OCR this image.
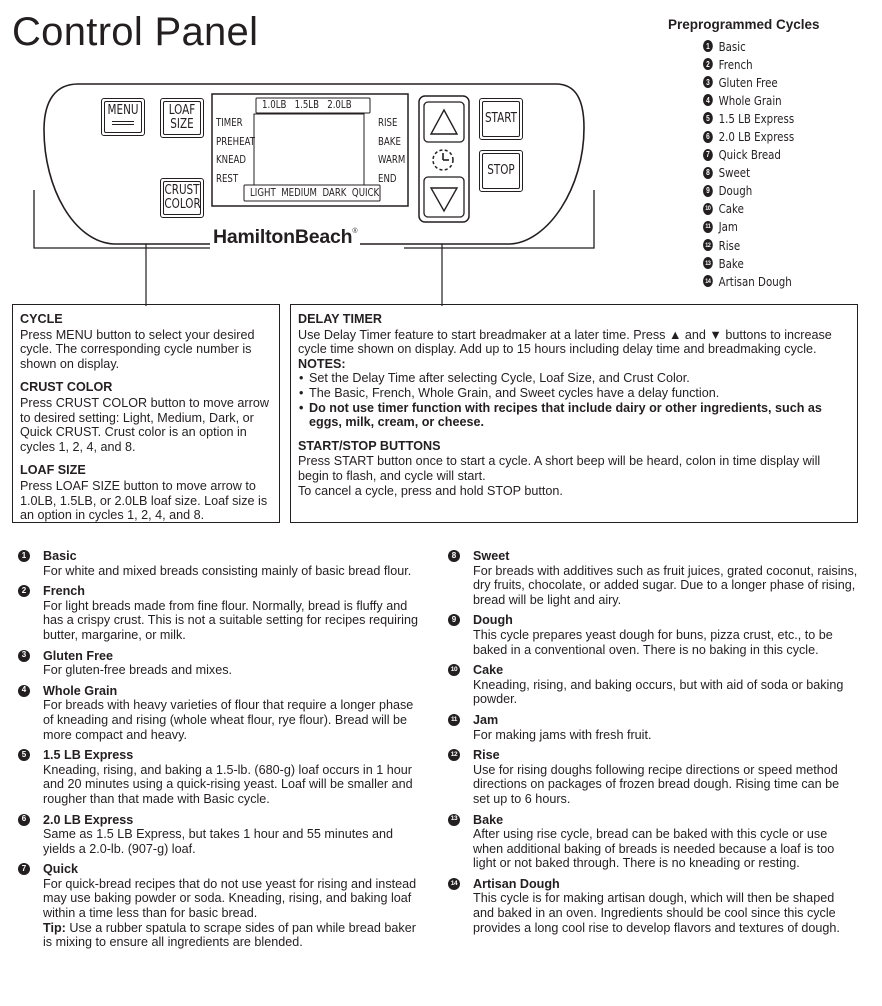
Control Panel	Preprogrammed Cycles
1 Basic
2 French
3 Gluten Free
4 Whole Grain
5 1.5 LB Express
6 2.0 LB Express
7 Quick Bread
8 Sweet
9 Dough
10 Cake
11 Jam
12 Rise
13 Bake
14 Artisan Dough
MENU	LOAF
SIZE
CRUST
COLOR
START
STOP
1.0LB   1.5LB   2.0LB
TIMER
PREHEAT
KNEAD
REST
RISE
BAKE
WARM
END
LIGHT  MEDIUM  DARK  QUICK
HamiltonBeach®
CYCLE

Press MENU button to select your desired cycle. The corresponding cycle number is shown on display.

CRUST COLOR

Press CRUST COLOR button to move arrow to desired setting: Light, Medium, Dark, or Quick CRUST. Crust color is an option in cycles 1, 2, 4, and 8.

LOAF SIZE

Press LOAF SIZE button to move arrow to 1.0LB, 1.5LB, or 2.0LB loaf size. Loaf size is an option in cycles 1, 2, 4, and 8.

DELAY TIMER

Use Delay Timer feature to start breadmaker at a later time. Press ▲ and ▼ buttons to increase cycle time shown on display. Add up to 15 hours including delay time and breadmaking cycle.

NOTES:

• Set the Delay Time after selecting Cycle, Loaf Size, and Crust Color.
• The Basic, French, Whole Grain, and Sweet cycles have a delay function.
• Do not use timer function with recipes that include dairy or other ingredients, such as eggs, milk, cream, or cheese.
START/STOP BUTTONS

Press START button once to start a cycle. A short beep will be heard, colon in time display will begin to flash, and cycle will start.

To cancel a cycle, press and hold STOP button.

1	Basic

For white and mixed breads consisting mainly of basic bread flour.

2	French

For light breads made from fine flour. Normally, bread is fluffy and has a crispy crust. This is not a suitable setting for recipes requiring butter, margarine, or milk.

3	Gluten Free

For gluten-free breads and mixes.

4	Whole Grain

For breads with heavy varieties of flour that require a longer phase of kneading and rising (whole wheat flour, rye flour). Bread will be more compact and heavy.

5	1.5 LB Express

Kneading, rising, and baking a 1.5-lb. (680-g) loaf occurs in 1 hour and 20 minutes using a quick-rising yeast. Loaf will be smaller and rougher than that made with Basic cycle.

6	2.0 LB Express

Same as 1.5 LB Express, but takes 1 hour and 55 minutes and yields a 2.0-lb. (907-g) loaf.

7	Quick

For quick-bread recipes that do not use yeast for rising and instead may use baking powder or soda. Kneading, rising, and baking loaf within a time less than for basic bread.

Tip: Use a rubber spatula to scrape sides of pan while bread baker is mixing to ensure all ingredients are blended.

8	Sweet

For breads with additives such as fruit juices, grated coconut, raisins, dry fruits, chocolate, or added sugar. Due to a longer phase of rising, bread will be light and airy.

9	Dough

This cycle prepares yeast dough for buns, pizza crust, etc., to be baked in a conventional oven. There is no baking in this cycle.

10 Cake

Kneading, rising, and baking occurs, but with aid of soda or baking powder.

11 Jam

For making jams with fresh fruit.

12 Rise

Use for rising doughs following recipe directions or speed method directions on packages of frozen bread dough. Rising time can be set up to 6 hours.

13 Bake

After using rise cycle, bread can be baked with this cycle or use when additional baking of breads is needed because a loaf is too light or not baked through. There is no kneading or resting.

14 Artisan Dough

This cycle is for making artisan dough, which will then be shaped and baked in an oven. Ingredients should be cool since this cycle provides a long cool rise to develop flavors and textures of dough.
